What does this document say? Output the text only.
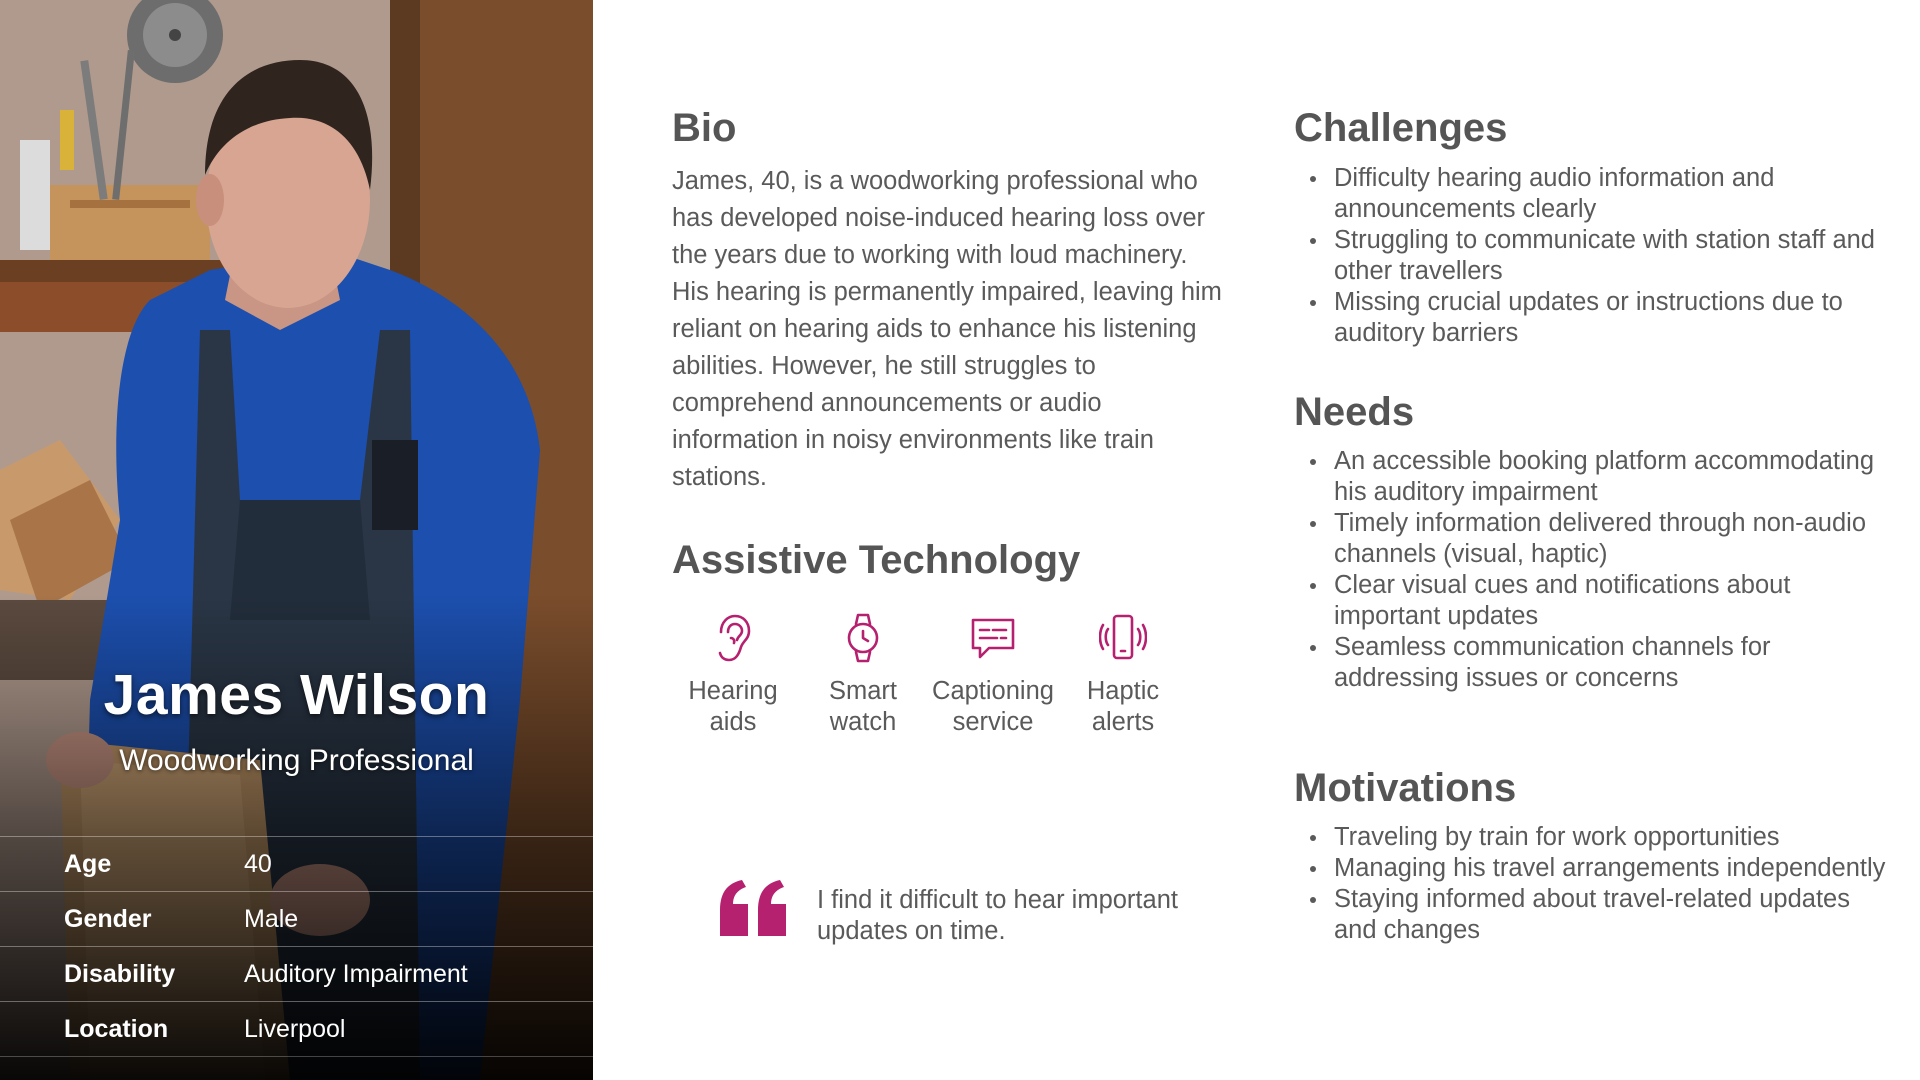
James Wilson
Woodworking Professional
Age	40
Gender	Male
Disability	Auditory Impairment
Location	Liverpool
Bio

James, 40, is a woodworking professional who has developed noise-induced hearing loss over the years due to working with loud machinery. His hearing is permanently impaired, leaving him reliant on hearing aids to enhance his listening abilities. However, he still struggles to comprehend announcements or audio information in noisy environments like train stations.

Assistive Technology
Hearing
aids
Smart
watch
Captioning
service
Haptic
alerts

I find it difficult to hear important updates on time.

Challenges
Difficulty hearing audio information and announcements clearly
Struggling to communicate with station staff and other travellers
Missing crucial updates or instructions due to auditory barriers
Needs
An accessible booking platform accommodating his auditory impairment
Timely information delivered through non-audio channels (visual, haptic)
Clear visual cues and notifications about important updates
Seamless communication channels for addressing issues or concerns
Motivations
Traveling by train for work opportunities
Managing his travel arrangements independently
Staying informed about travel-related updates and changes
